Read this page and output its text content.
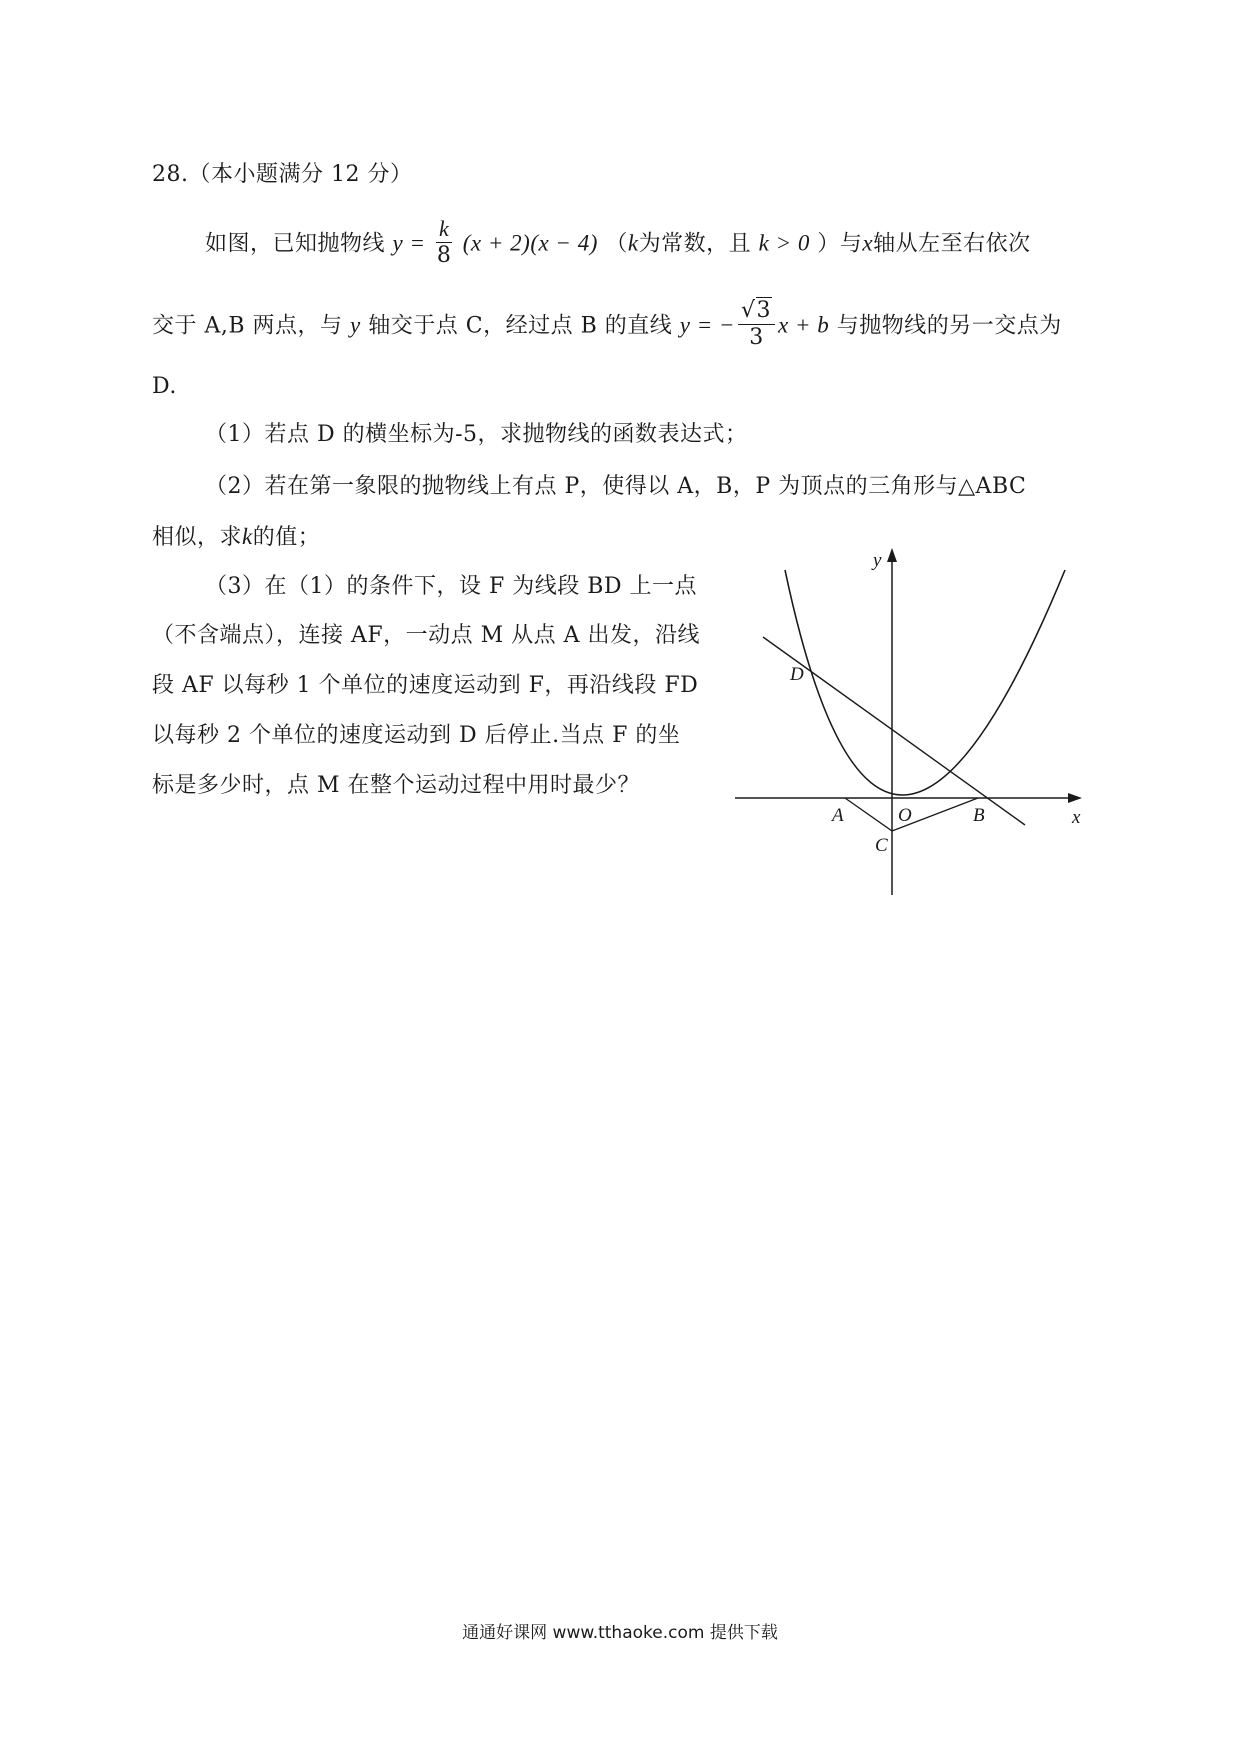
28.（本小题满分 12 分）
如图，已知抛物线 $y = \frac{k}{8} (x + 2)(x - 4)$ （k为常数，且 k > 0 ）与x轴从左至右依次
交于 A,B 两点，与 y 轴交于点 C，经过点 B 的直线 y = − $\frac{√3}{3}$ x + b 与抛物线的另一交点为
D.
（1）若点 D 的横坐标为-5，求抛物线的函数表达式；
（2）若在第一象限的抛物线上有点 P，使得以 A，B，P 为顶点的三角形与△ABC
相似，求k的值；
（3）在（1）的条件下，设 F 为线段 BD 上一点
（不含端点），连接 AF，一动点 M 从点 A 出发，沿线
段 AF 以每秒 1 个单位的速度运动到 F，再沿线段 FD
以每秒 2 个单位的速度运动到 D 后停止.当点 F 的坐
标是多少时，点 M 在整个运动过程中用时最少？
y
x
O
A	B
C
D
通通好课网 www.tthaoke.com 提供下载
